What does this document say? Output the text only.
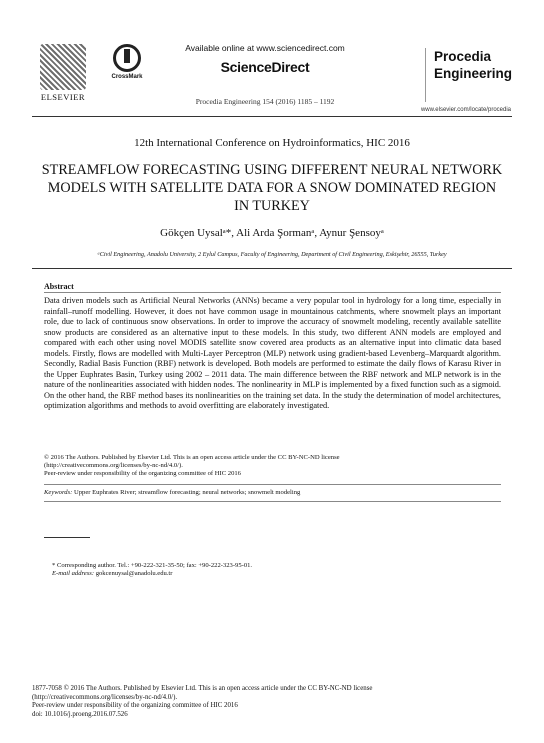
ELSEVIER
CrossMark
Available online at www.sciencedirect.com
ScienceDirect
Procedia Engineering 154 (2016) 1185 – 1192
Procedia
Engineering
www.elsevier.com/locate/procedia
12th International Conference on Hydroinformatics, HIC 2016
STREAMFLOW FORECASTING USING DIFFERENT NEURAL NETWORK MODELS WITH SATELLITE DATA FOR A SNOW DOMINATED REGION IN TURKEY
Gökçen Uysalᵃ*, Ali Arda Şormanᵃ, Aynur Şensoyᵃ
ᵃCivil Engineering, Anadolu University, 2 Eylul Campus, Faculty of Engineering, Department of Civil Engineering, Eskişehir, 26555, Turkey
Abstract
Data driven models such as Artificial Neural Networks (ANNs) became a very popular tool in hydrology for a long time, especially in rainfall–runoff modelling. However, it does not have common usage in mountainous catchments, where snowmelt plays an important role, due to lack of continuous snow observations. In order to improve the accuracy of snowmelt modeling, recently available satellite snow products are considered as an alternative input to these models. In this study, two different ANN models are employed and compared with each other using novel MODIS satellite snow covered area products as an alternative input into climatic data based models. Firstly, flows are modelled with Multi-Layer Perceptron (MLP) network using gradient-based Levenberg–Marquardt algorithm. Secondly, Radial Basis Function (RBF) network is developed. Both models are performed to estimate the daily flows of Karasu River in the Upper Euphrates Basin, Turkey using 2002 – 2011 data. The main difference between the RBF network and MLP network is in the nature of the nonlinearities associated with hidden nodes. The nonlinearity in MLP is implemented by a fixed function such as a sigmoid. On the other hand, the RBF method bases its nonlinearities on the training set data. In the study the determination of model architectures, optimization algorithms and methods to avoid overfitting are elaborately investigated.
© 2016 The Authors. Published by Elsevier Ltd. This is an open access article under the CC BY-NC-ND license
(http://creativecommons.org/licenses/by-nc-nd/4.0/).
Peer-review under responsibility of the organizing committee of HIC 2016
Keywords: Upper Euphrates River; streamflow forecasting; neural networks; snowmelt modeling
* Corresponding author. Tel.: +90-222-321-35-50; fax: +90-222-323-95-01.
E-mail address: gokcenuysal@anadolu.edu.tr
1877-7058 © 2016 The Authors. Published by Elsevier Ltd. This is an open access article under the CC BY-NC-ND license
(http://creativecommons.org/licenses/by-nc-nd/4.0/).
Peer-review under responsibility of the organizing committee of HIC 2016
doi: 10.1016/j.proeng.2016.07.526
